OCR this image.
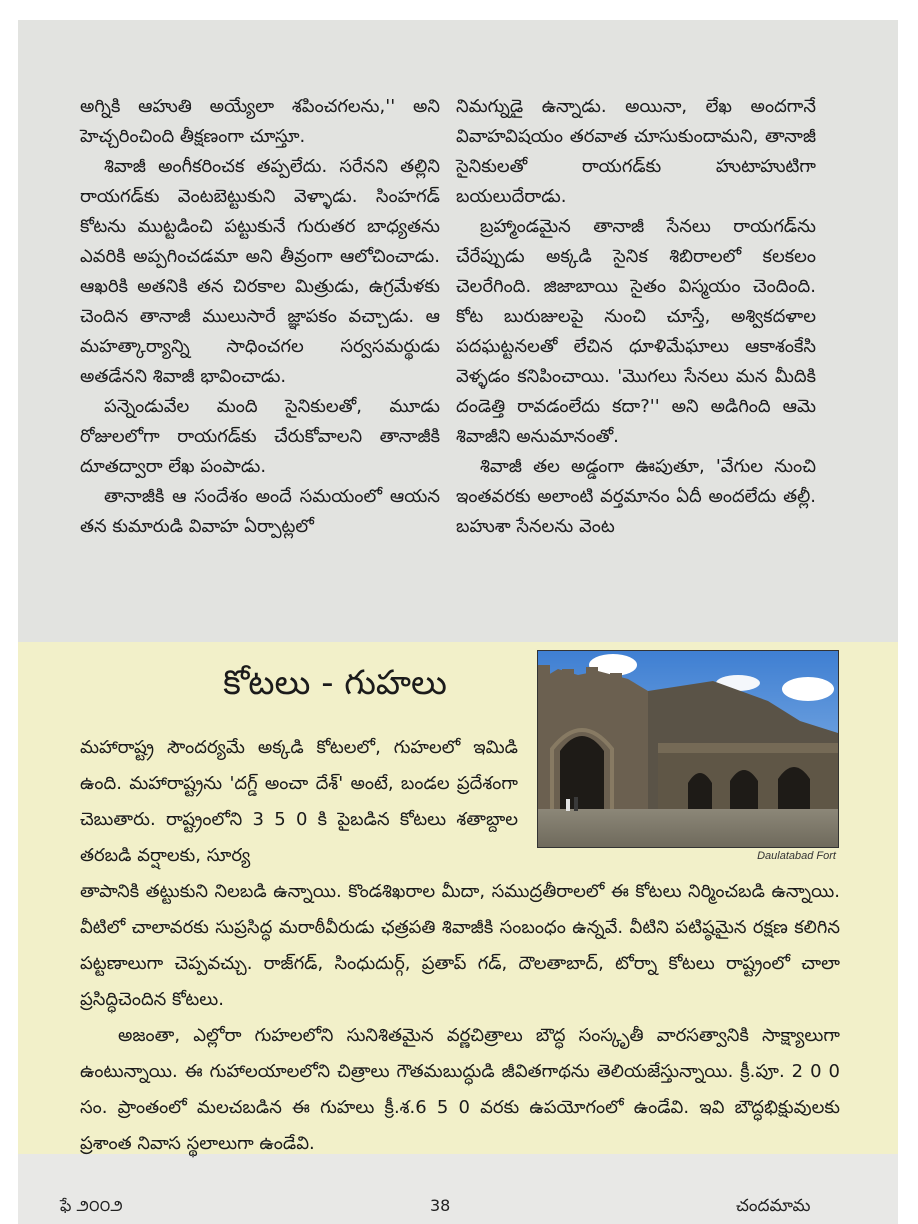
అగ్నికి ఆహుతి అయ్యేలా శపించగలను,'' అని హెచ్చరించింది తీక్షణంగా చూస్తూ.

శివాజీ అంగీకరించక తప్పలేదు. సరేనని తల్లిని రాయగడ్‌కు వెంటబెట్టుకుని వెళ్ళాడు. సింహగడ్ కోటను ముట్టడించి పట్టుకునే గురుతర బాధ్యతను ఎవరికి అప్పగించడమా అని తీవ్రంగా ఆలోచించాడు. ఆఖరికి అతనికి తన చిరకాల మిత్రుడు, ఉగ్రమేళకు చెందిన తానాజీ ములుసారే జ్ఞాపకం వచ్చాడు. ఆ మహత్కార్యాన్ని సాధించగల సర్వసమర్థుడు అతడేనని శివాజీ భావించాడు.

పన్నెండువేల మంది సైనికులతో, మూడు రోజులలోగా రాయగడ్‌కు చేరుకోవాలని తానాజీకి దూతద్వారా లేఖ పంపాడు.

తానాజీకి ఆ సందేశం అందే సమయంలో ఆయన తన కుమారుడి వివాహ ఏర్పాట్లలో

నిమగ్నుడై ఉన్నాడు. అయినా, లేఖ అందగానే వివాహవిషయం తరవాత చూసుకుందామని, తానాజీ సైనికులతో రాయగడ్‌కు హుటాహుటిగా బయలుదేరాడు.

బ్రహ్మాండమైన తానాజీ సేనలు రాయగడ్‌ను చేరేప్పుడు అక్కడి సైనిక శిబిరాలలో కలకలం చెలరేగింది. జిజాబాయి సైతం విస్మయం చెందింది. కోట బురుజులపై నుంచి చూస్తే, అశ్వికదళాల పదఘట్టనలతో లేచిన ధూళిమేఘాలు ఆకాశంకేసి వెళ్ళడం కనిపించాయి. 'మొగలు సేనలు మన మీదికి దండెత్తి రావడంలేదు కదా?'' అని అడిగింది ఆమె శివాజీని అనుమానంతో.

శివాజీ తల అడ్డంగా ఊపుతూ, 'వేగుల నుంచి ఇంతవరకు అలాంటి వర్తమానం ఏదీ అందలేదు తల్లీ. బహుశా సేనలను వెంట

కోటలు - గుహలు
మహారాష్ట్ర సౌందర్యమే అక్కడి కోటలలో, గుహలలో ఇమిడి ఉంది. మహారాష్ట్రను 'దగ్డ్ అంచా దేశ్' అంటే, బండల ప్రదేశంగా చెబుతారు. రాష్ట్రంలోని 3 5 0 కి పైబడిన కోటలు శతాబ్దాల తరబడి వర్షాలకు, సూర్య	Daulatabad Fort

తాపానికి తట్టుకుని నిలబడి ఉన్నాయి. కొండశిఖరాల మీదా, సముద్రతీరాలలో ఈ కోటలు నిర్మించబడి ఉన్నాయి. వీటిలో చాలావరకు సుప్రసిద్ధ మరాఠీవీరుడు ఛత్రపతి శివాజీకి సంబంధం ఉన్నవే. వీటిని పటిష్ఠమైన రక్షణ కలిగిన పట్టణాలుగా చెప్పవచ్చు. రాజ్‌గడ్, సింధుదుర్గ్, ప్రతాప్ గడ్, దౌలతాబాద్, టోర్నా కోటలు రాష్ట్రంలో చాలా ప్రసిద్ధిచెందిన కోటలు.

అజంతా, ఎల్లోరా గుహలలోని సునిశితమైన వర్ణచిత్రాలు బౌద్ధ సంస్కృతీ వారసత్వానికి సాక్ష్యాలుగా ఉంటున్నాయి. ఈ గుహాలయాలలోని చిత్రాలు గౌతమబుద్ధుడి జీవితగాథను తెలియజేస్తున్నాయి. క్రీ.పూ. 2 0 0 సం. ప్రాంతంలో మలచబడిన ఈ గుహలు క్రీ.శ.6 5 0 వరకు ఉపయోగంలో ఉండేవి. ఇవి బౌద్ధభిక్షువులకు ప్రశాంత నివాస స్థలాలుగా ఉండేవి.

ఫే ౨౦౦౨	38	చందమామ
